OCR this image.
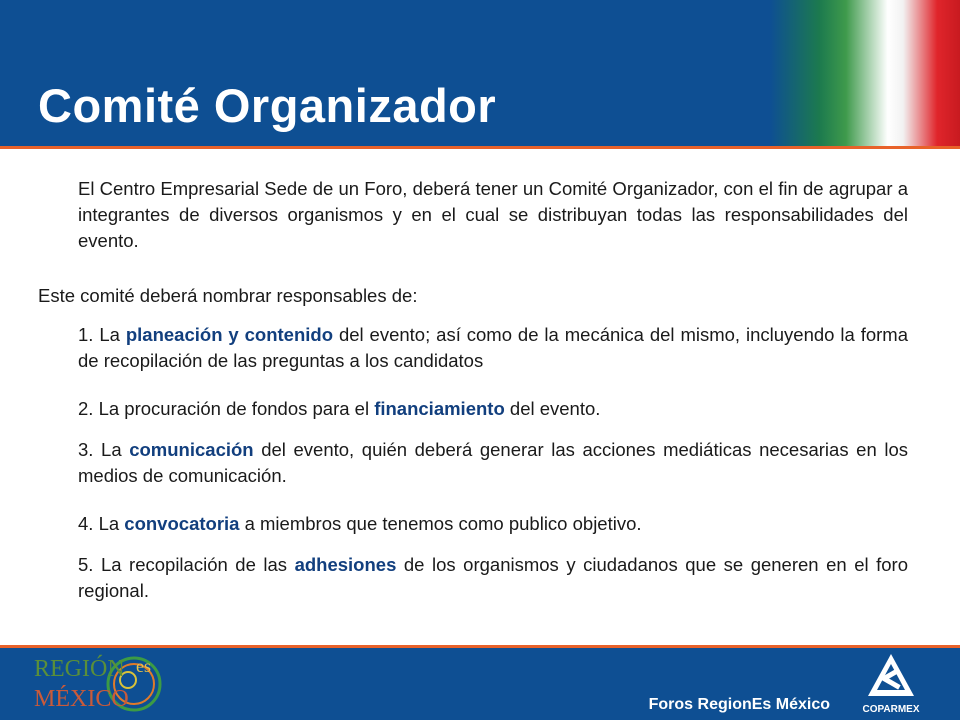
Comité Organizador
El Centro Empresarial Sede de un Foro, deberá tener un Comité Organizador, con el fin de agrupar a integrantes de diversos organismos y en el cual se distribuyan todas las responsabilidades del evento.
Este comité deberá nombrar responsables de:
1. La planeación y contenido del evento; así como de la mecánica del mismo, incluyendo la forma de recopilación de las preguntas a los candidatos
2. La procuración de fondos para el financiamiento del evento.
3. La comunicación del evento, quién deberá generar las acciones mediáticas necesarias en los medios de comunicación.
4. La convocatoria a miembros que tenemos como publico objetivo.
5. La recopilación de las adhesiones de los organismos y ciudadanos que se generen en el foro regional.
Foros RegionEs México
REGIÓN
MÉXICO
es
COPARMEX
